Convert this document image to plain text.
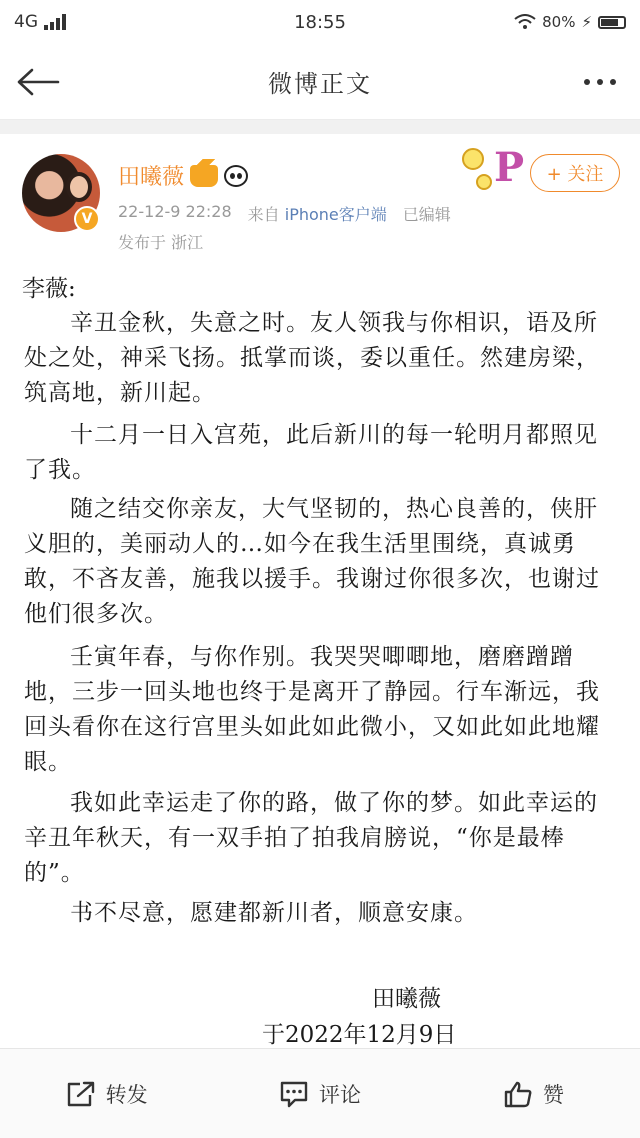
4G	18:55	80% ⚡
微博正文
V
田曦薇
22-12-9 22:28 来自 iPhone客户端 已编辑
发布于 浙江
P	+ 关注
李薇:

辛丑金秋，失意之时。友人领我与你相识，语及所处之处，神采飞扬。抵掌而谈，委以重任。然建房梁，筑高地，新川起。

十二月一日入宫苑，此后新川的每一轮明月都照见了我。

随之结交你亲友，大气坚韧的，热心良善的，侠肝义胆的，美丽动人的…如今在我生活里围绕，真诚勇敢，不吝友善，施我以援手。我谢过你很多次，也谢过他们很多次。

壬寅年春，与你作别。我哭哭唧唧地，磨磨蹭蹭地，三步一回头地也终于是离开了静园。行车渐远，我回头看你在这行宫里头如此如此微小，又如此如此地耀眼。

我如此幸运走了你的路，做了你的梦。如此幸运的辛丑年秋天，有一双手拍了拍我肩膀说，“你是最棒的”。

书不尽意，愿建都新川者，顺意安康。

田曦薇
于2022年12月9日
转发	评论	赞
